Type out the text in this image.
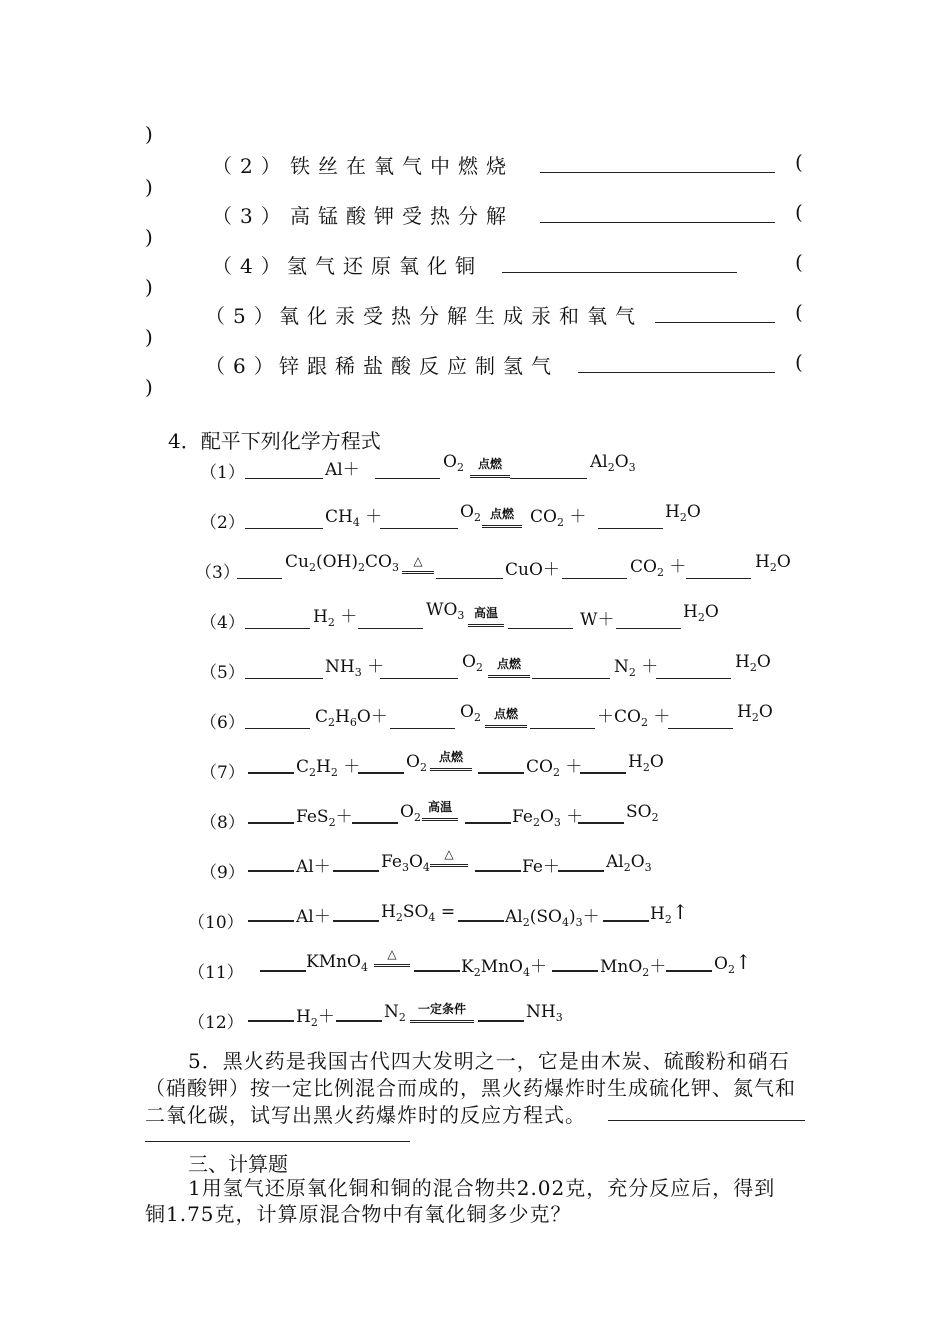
)
（2） 铁丝在氧气中燃烧	(
)
（3） 高锰酸钾受热分解	(
)
（4）
氢气还原氧化铜	(
)
（5）
氧化汞受热分解生成汞和氧气	(
)
（6）
锌跟稀盐酸反应制氢气	(
)
4．配平下列化学方程式
（1）	Al＋	$O_2$	点燃	$Al_2O_3$
（2）	$CH_4$ ＋	$O_2$ 点燃 $CO_2$ ＋	$H_2O$
（3）
$Cu_2(OH)_2CO_3$	△	CuO＋	$CO_2$ ＋	$H_2O$
（4）	$H_2$ ＋	$WO_3$ 高温	W＋	$H_2O$
（5）	$NH_3$ ＋	$O_2$	点燃	$N_2$ ＋	$H_2O$
（6）	$C_2H_6O+$	$O_2$	点燃	$+CO_2$ ＋	$H_2O$
（7）	$C_2H_2$ ＋	$O_2$
点燃	$CO_2$ ＋	$H_2O$
（8）	FeS$_2$＋	$O_2$
高温	$Fe_2O_3$ ＋	$SO_2$
（9）	Al＋	$Fe_3O_4$
△
Fe＋	$Al_2O_3$
（10）	Al＋	$H_2SO_4$ =	$Al_2(SO_4)_3+$	$H_2↑$
（11）
KMnO$_4$
△
$K_2MnO_4+$	MnO$_2$＋	$O_2↑$
（12）	$H_2+$	$N_2$
一定条件	$NH_3$
5．黑火药是我国古代四大发明之一，它是由木炭、硫酸粉和硝石
（硝酸钾）按一定比例混合而成的，黑火药爆炸时生成硫化钾、氮气和
二氧化碳，试写出黑火药爆炸时的反应方程式。
三、计算题
1用氢气还原氧化铜和铜的混合物共2.02克，充分反应后，得到
铜1.75克，计算原混合物中有氧化铜多少克？
